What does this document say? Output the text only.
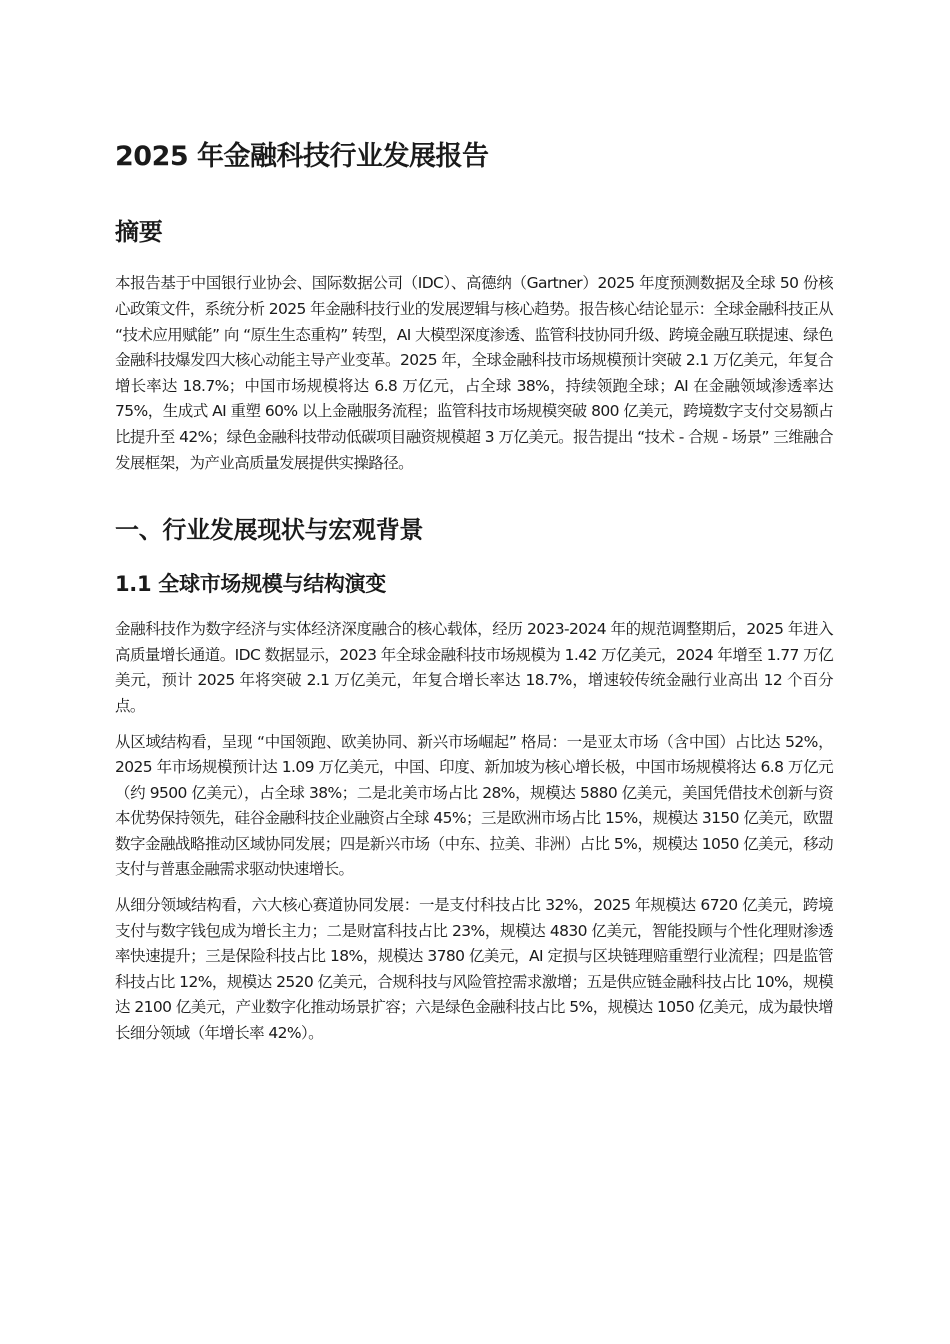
2025 年金融科技行业发展报告
摘要

本报告基于中国银行业协会、国际数据公司（IDC）、高德纳（Gartner）2025 年度预测数据及全球 50 份核心政策文件，系统分析 2025 年金融科技行业的发展逻辑与核心趋势。报告核心结论显示：全球金融科技正从 “技术应用赋能” 向 “原生生态重构” 转型，AI 大模型深度渗透、监管科技协同升级、跨境金融互联提速、绿色金融科技爆发四大核心动能主导产业变革。2025 年，全球金融科技市场规模预计突破 2.1 万亿美元，年复合增长率达 18.7%；中国市场规模将达 6.8 万亿元，占全球 38%，持续领跑全球；AI 在金融领域渗透率达 75%，生成式 AI 重塑 60% 以上金融服务流程；监管科技市场规模突破 800 亿美元，跨境数字支付交易额占比提升至 42%；绿色金融科技带动低碳项目融资规模超 3 万亿美元。报告提出 “技术 - 合规 - 场景” 三维融合发展框架，为产业高质量发展提供实操路径。

一、行业发展现状与宏观背景
1.1 全球市场规模与结构演变

金融科技作为数字经济与实体经济深度融合的核心载体，经历 2023-2024 年的规范调整期后，2025 年进入高质量增长通道。IDC 数据显示，2023 年全球金融科技市场规模为 1.42 万亿美元，2024 年增至 1.77 万亿美元，预计 2025 年将突破 2.1 万亿美元，年复合增长率达 18.7%，增速较传统金融行业高出 12 个百分点。

从区域结构看，呈现 “中国领跑、欧美协同、新兴市场崛起” 格局：一是亚太市场（含中国）占比达 52%，2025 年市场规模预计达 1.09 万亿美元，中国、印度、新加坡为核心增长极，中国市场规模将达 6.8 万亿元（约 9500 亿美元），占全球 38%；二是北美市场占比 28%，规模达 5880 亿美元，美国凭借技术创新与资本优势保持领先，硅谷金融科技企业融资占全球 45%；三是欧洲市场占比 15%，规模达 3150 亿美元，欧盟数字金融战略推动区域协同发展；四是新兴市场（中东、拉美、非洲）占比 5%，规模达 1050 亿美元，移动支付与普惠金融需求驱动快速增长。

从细分领域结构看，六大核心赛道协同发展：一是支付科技占比 32%，2025 年规模达 6720 亿美元，跨境支付与数字钱包成为增长主力；二是财富科技占比 23%，规模达 4830 亿美元，智能投顾与个性化理财渗透率快速提升；三是保险科技占比 18%，规模达 3780 亿美元，AI 定损与区块链理赔重塑行业流程；四是监管科技占比 12%，规模达 2520 亿美元，合规科技与风险管控需求激增；五是供应链金融科技占比 10%，规模达 2100 亿美元，产业数字化推动场景扩容；六是绿色金融科技占比 5%，规模达 1050 亿美元，成为最快增长细分领域（年增长率 42%）。
